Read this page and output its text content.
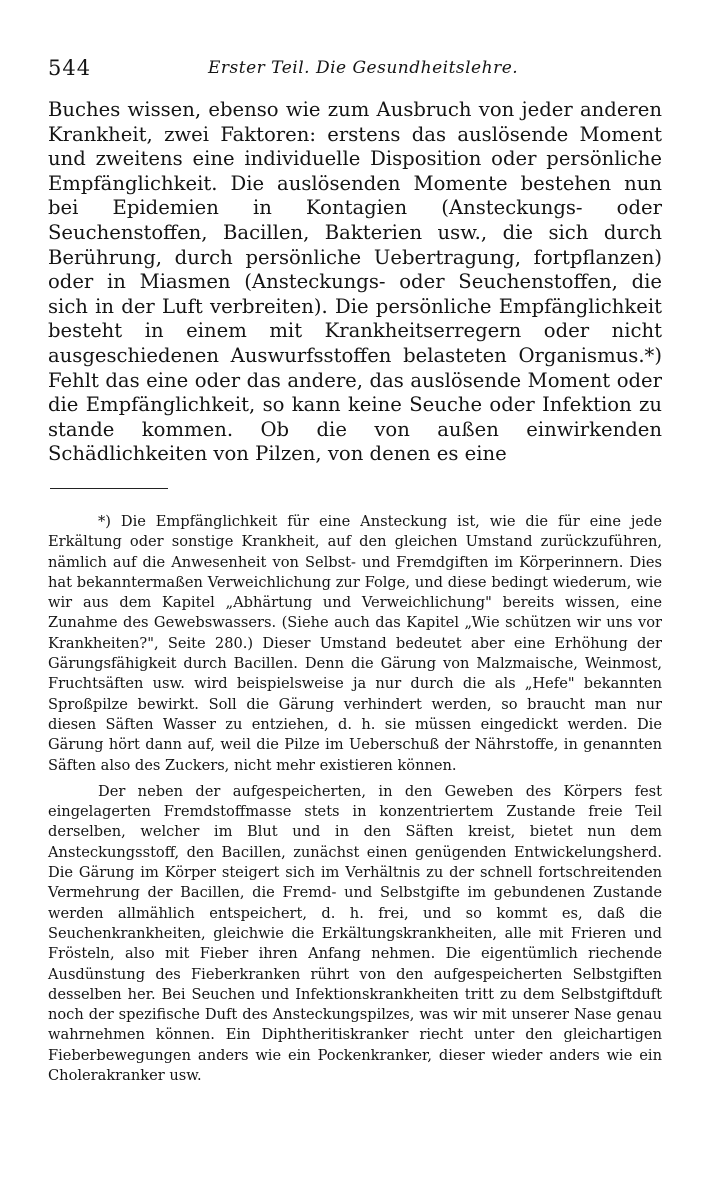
544	Erster Teil. Die Gesundheitslehre.

Buches wissen, ebenso wie zum Ausbruch von jeder anderen Krankheit, zwei Faktoren: erstens das auslösende Moment und zweitens eine individuelle Disposition oder persönliche Empfänglichkeit. Die auslösenden Momente bestehen nun bei Epidemien in Kontagien (Ansteckungs- oder Seuchenstoffen, Bacillen, Bakterien usw., die sich durch Berührung, durch persönliche Uebertragung, fortpflanzen) oder in Miasmen (Ansteckungs- oder Seuchenstoffen, die sich in der Luft verbreiten). Die persönliche Empfänglichkeit besteht in einem mit Krankheitserregern oder nicht ausgeschiedenen Auswurfsstoffen belasteten Organismus.*) Fehlt das eine oder das andere, das auslösende Moment oder die Empfänglichkeit, so kann keine Seuche oder Infektion zu stande kommen. Ob die von außen einwirkenden Schädlichkeiten von Pilzen, von denen es eine

*) Die Empfänglichkeit für eine Ansteckung ist, wie die für eine jede Erkältung oder sonstige Krankheit, auf den gleichen Umstand zurückzuführen, nämlich auf die Anwesenheit von Selbst- und Fremdgiften im Körperinnern. Dies hat bekanntermaßen Verweichlichung zur Folge, und diese bedingt wiederum, wie wir aus dem Kapitel „Abhärtung und Verweichlichung" bereits wissen, eine Zunahme des Gewebswassers. (Siehe auch das Kapitel „Wie schützen wir uns vor Krankheiten?", Seite 280.) Dieser Umstand bedeutet aber eine Erhöhung der Gärungsfähigkeit durch Bacillen. Denn die Gärung von Malzmaische, Weinmost, Fruchtsäften usw. wird beispielsweise ja nur durch die als „Hefe" bekannten Sproßpilze bewirkt. Soll die Gärung verhindert werden, so braucht man nur diesen Säften Wasser zu entziehen, d. h. sie müssen eingedickt werden. Die Gärung hört dann auf, weil die Pilze im Ueberschuß der Nährstoffe, in genannten Säften also des Zuckers, nicht mehr existieren können.

Der neben der aufgespeicherten, in den Geweben des Körpers fest eingelagerten Fremdstoffmasse stets in konzentriertem Zustande freie Teil derselben, welcher im Blut und in den Säften kreist, bietet nun dem Ansteckungsstoff, den Bacillen, zunächst einen genügenden Entwickelungsherd. Die Gärung im Körper steigert sich im Verhältnis zu der schnell fortschreitenden Vermehrung der Bacillen, die Fremd- und Selbstgifte im gebundenen Zustande werden allmählich entspeichert, d. h. frei, und so kommt es, daß die Seuchenkrankheiten, gleichwie die Erkältungskrankheiten, alle mit Frieren und Frösteln, also mit Fieber ihren Anfang nehmen. Die eigentümlich riechende Ausdünstung des Fieberkranken rührt von den aufgespeicherten Selbstgiften desselben her. Bei Seuchen und Infektionskrankheiten tritt zu dem Selbstgiftduft noch der spezifische Duft des Ansteckungspilzes, was wir mit unserer Nase genau wahrnehmen können. Ein Diphtheritiskranker riecht unter den gleichartigen Fieberbewegungen anders wie ein Pockenkranker, dieser wieder anders wie ein Cholerakranker usw.
